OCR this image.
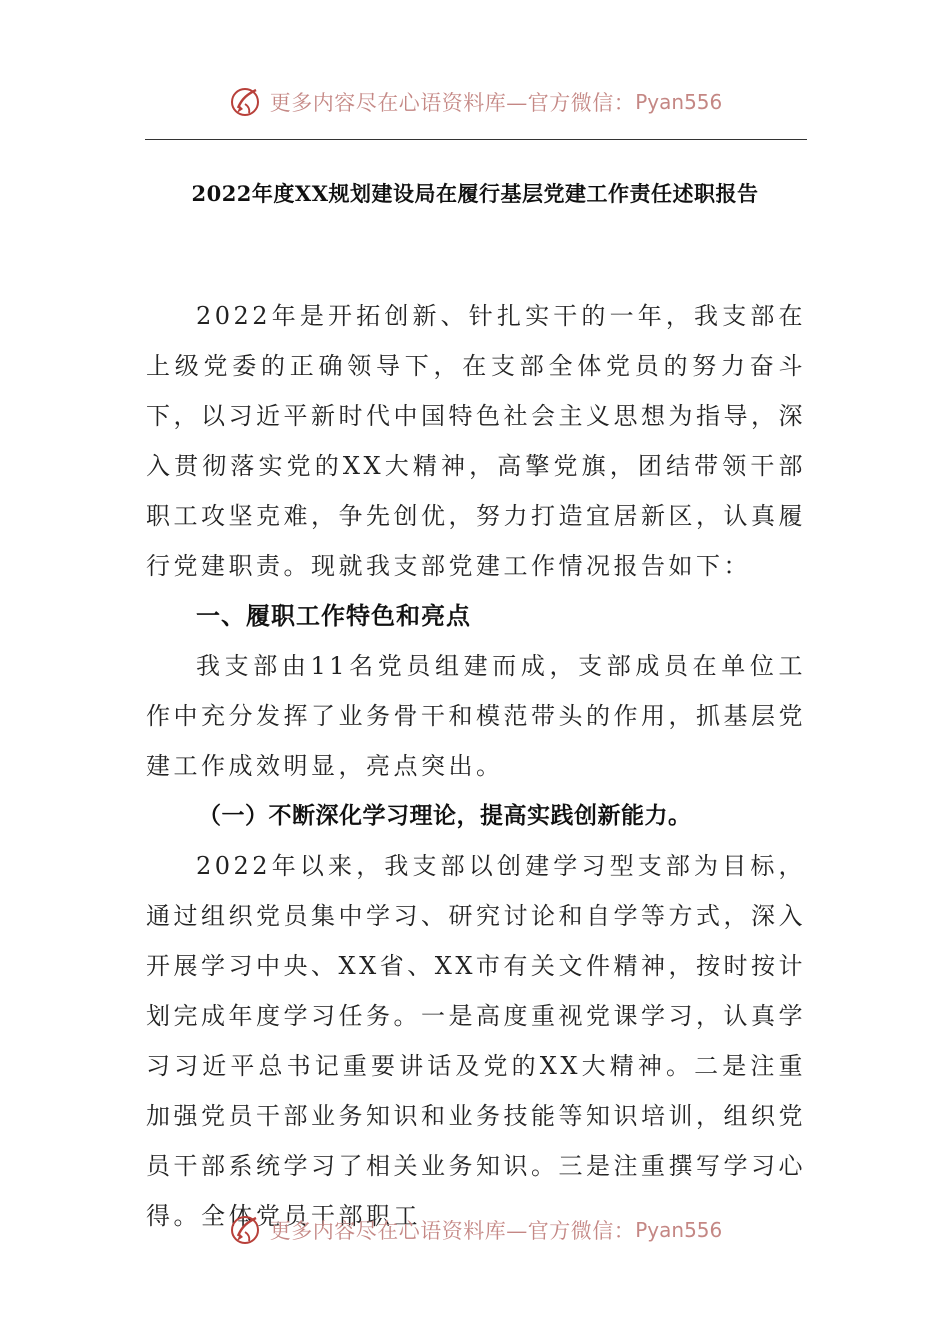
更多内容尽在心语资料库—官方微信： Pyan556
2022年度XX规划建设局在履行基层党建工作责任述职报告

2022年是开拓创新、针扎实干的一年，我支部在上级党委的正确领导下，在支部全体党员的努力奋斗下，以习近平新时代中国特色社会主义思想为指导，深入贯彻落实党的XX大精神，高擎党旗，团结带领干部职工攻坚克难，争先创优，努力打造宜居新区，认真履行党建职责。现就我支部党建工作情况报告如下：

一、履职工作特色和亮点

我支部由11名党员组建而成，支部成员在单位工作中充分发挥了业务骨干和模范带头的作用，抓基层党建工作成效明显，亮点突出。

（一）不断深化学习理论，提高实践创新能力。

2022年以来，我支部以创建学习型支部为目标，通过组织党员集中学习、研究讨论和自学等方式，深入开展学习中央、XX省、XX市有关文件精神，按时按计划完成年度学习任务。一是高度重视党课学习，认真学习习近平总书记重要讲话及党的XX大精神。二是注重加强党员干部业务知识和业务技能等知识培训，组织党员干部系统学习了相关业务知识。三是注重撰写学习心得。全体党员干部职工

更多内容尽在心语资料库—官方微信： Pyan556
